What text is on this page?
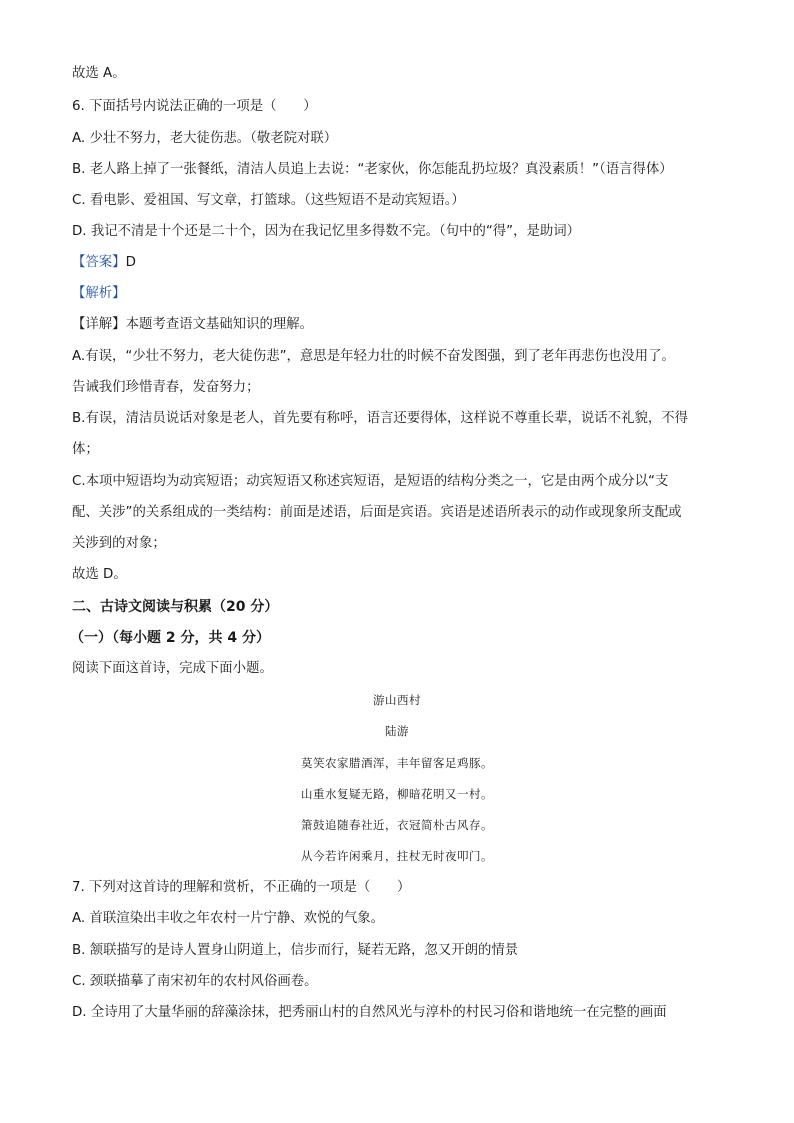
故选 A。
6. 下面括号内说法正确的一项是（　　）
A. 少壮不努力，老大徒伤悲。（敬老院对联）
B. 老人路上掉了一张餐纸，清洁人员追上去说：“老家伙，你怎能乱扔垃圾？真没素质！”（语言得体）
C. 看电影、爱祖国、写文章，打篮球。（这些短语不是动宾短语。）
D. 我记不清是十个还是二十个，因为在我记忆里多得数不完。（句中的“得”，是助词）
【答案】D
【解析】
【详解】本题考查语文基础知识的理解。
A.有误，“少壮不努力，老大徒伤悲”，意思是年轻力壮的时候不奋发图强，到了老年再悲伤也没用了。
告诫我们珍惜青春，发奋努力；
B.有误，清洁员说话对象是老人，首先要有称呼，语言还要得体，这样说不尊重长辈，说话不礼貌，不得
体；
C.本项中短语均为动宾短语；动宾短语又称述宾短语，是短语的结构分类之一，它是由两个成分以“支
配、关涉”的关系组成的一类结构：前面是述语，后面是宾语。宾语是述语所表示的动作或现象所支配或
关涉到的对象；
故选 D。
二、古诗文阅读与积累（20 分）
（一）（每小题 2 分，共 4 分）
阅读下面这首诗，完成下面小题。
游山西村
陆游
莫笑农家腊酒浑，丰年留客足鸡豚。
山重水复疑无路，柳暗花明又一村。
箫鼓追随春社近，衣冠简朴古风存。
从今若许闲乘月，拄杖无时夜叩门。
7. 下列对这首诗的理解和赏析，不正确的一项是（　　）
A. 首联渲染出丰收之年农村一片宁静、欢悦的气象。
B. 颔联描写的是诗人置身山阴道上，信步而行，疑若无路，忽又开朗的情景
C. 颈联描摹了南宋初年的农村风俗画卷。
D. 全诗用了大量华丽的辞藻涂抹，把秀丽山村的自然风光与淳朴的村民习俗和谐地统一在完整的画面
